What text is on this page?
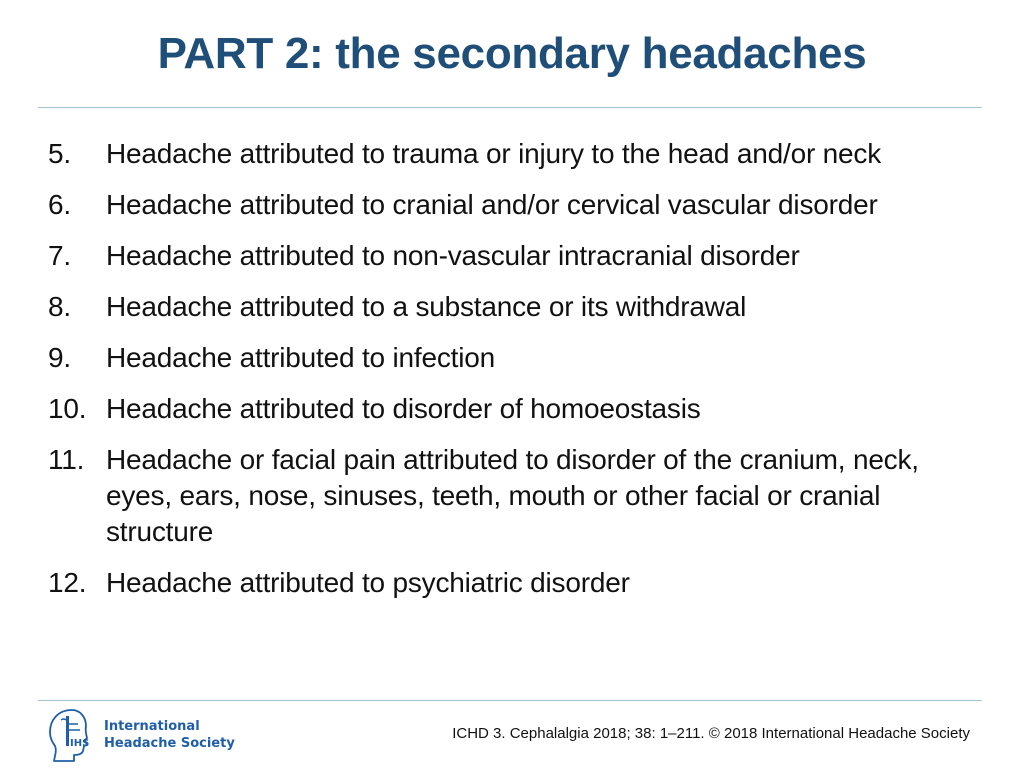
PART 2: the secondary headaches
5.	Headache attributed to trauma or injury to the head and/or neck
6.	Headache attributed to cranial and/or cervical vascular disorder
7.	Headache attributed to non-vascular intracranial disorder
8.	Headache attributed to a substance or its withdrawal
9.	Headache attributed to infection
10. Headache attributed to disorder of homoeostasis
11. Headache or facial pain attributed to disorder of the cranium, neck, eyes, ears, nose, sinuses, teeth, mouth or other facial or cranial structure
12. Headache attributed to psychiatric disorder
IHS
International
Headache Society
ICHD 3. Cephalalgia 2018; 38: 1–211. © 2018 International Headache Society
